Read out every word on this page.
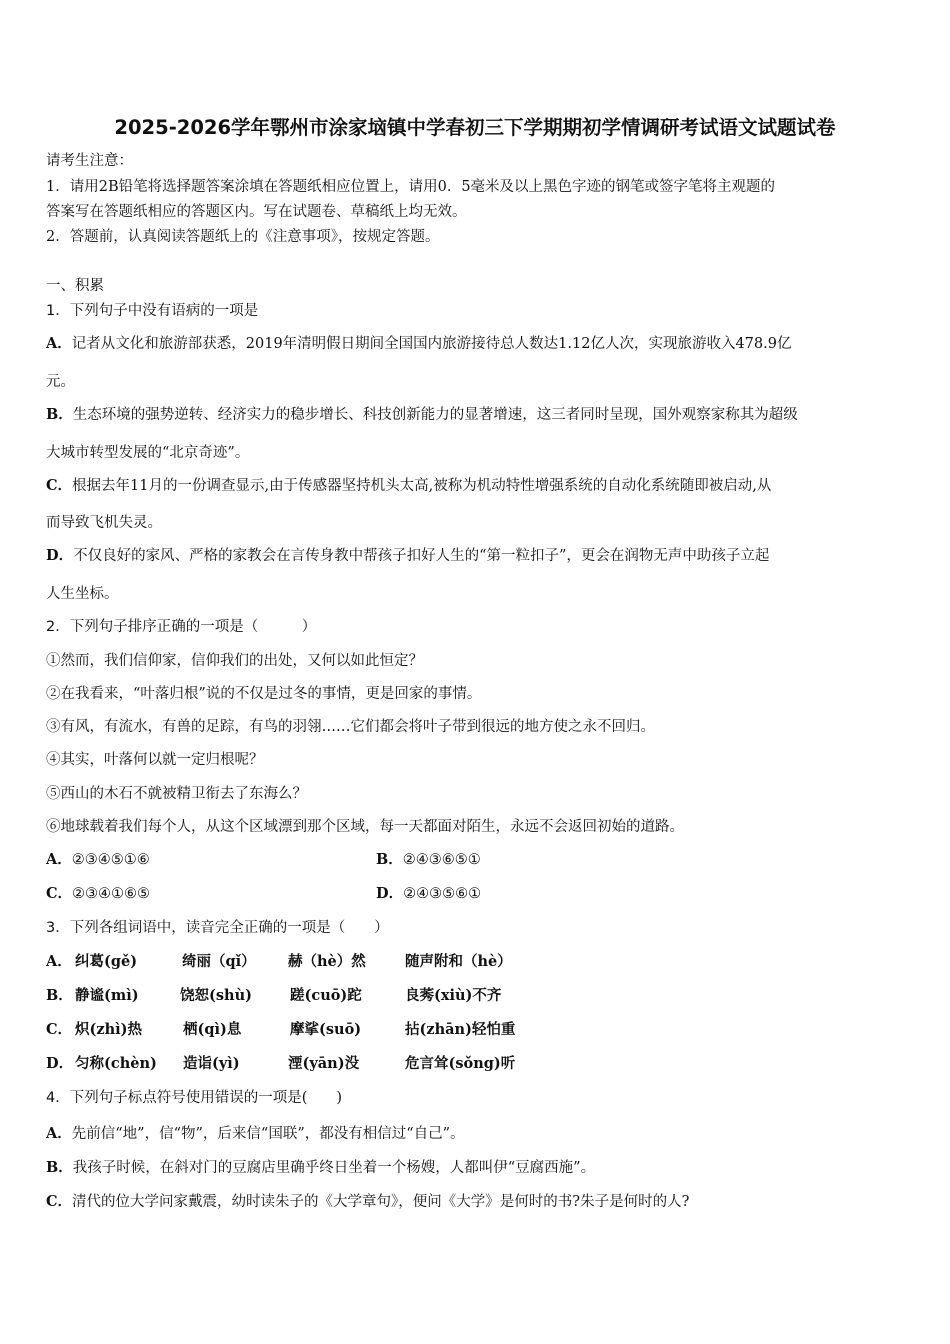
2025-2026学年鄂州市涂家垴镇中学春初三下学期期初学情调研考试语文试题试卷
请考生注意：
1．请用2B铅笔将选择题答案涂填在答题纸相应位置上，请用0．5毫米及以上黑色字迹的钢笔或签字笔将主观题的
答案写在答题纸相应的答题区内。写在试题卷、草稿纸上均无效。
2．答题前，认真阅读答题纸上的《注意事项》，按规定答题。
一、积累
1．下列句子中没有语病的一项是
A．记者从文化和旅游部获悉，2019年清明假日期间全国国内旅游接待总人数达1.12亿人次，实现旅游收入478.9亿
元。
B．生态环境的强势逆转、经济实力的稳步增长、科技创新能力的显著增速，这三者同时呈现，国外观察家称其为超级
大城市转型发展的“北京奇迹”。
C．根据去年11月的一份调查显示,由于传感器坚持机头太高,被称为机动特性增强系统的自动化系统随即被启动,从
而导致飞机失灵。
D．不仅良好的家风、严格的家教会在言传身教中帮孩子扣好人生的“第一粒扣子”，更会在润物无声中助孩子立起
人生坐标。
2．下列句子排序正确的一项是（　　　）
①然而，我们信仰家，信仰我们的出处，又何以如此恒定？
②在我看来，“叶落归根”说的不仅是过冬的事情，更是回家的事情。
③有风，有流水，有兽的足踪，有鸟的羽翎……它们都会将叶子带到很远的地方使之永不回归。
④其实，叶落何以就一定归根呢？
⑤西山的木石不就被精卫衔去了东海么？
⑥地球载着我们每个人，从这个区域漂到那个区域，每一天都面对陌生，永远不会返回初始的道路。
A．②③④⑤①⑥	B．②④③⑥⑤①
C．②③④①⑥⑤	D．②④③⑤⑥①
3．下列各组词语中，读音完全正确的一项是（　　）
A． 纠葛(gě)	绮丽（qǐ） 赫（hè）然	随声附和（hè）
B． 静谧(mì)	饶恕(shù)	蹉(cuō)跎	良莠(xiù)不齐
C． 炽(zhì)热	栖(qì)息	摩挲(suō)	拈(zhān)轻怕重
D． 匀称(chèn) 造诣(yì)	湮(yān)没	危言耸(sǒng)听
4．下列句子标点符号使用错误的一项是(　　)
A．先前信“地”，信“物”，后来信“国联”，都没有相信过“自己”。
B．我孩子时候，在斜对门的豆腐店里确乎终日坐着一个杨嫂，人都叫伊“豆腐西施”。
C．清代的位大学问家戴震，幼时读朱子的《大学章句》，便问《大学》是何时的书?朱子是何时的人?
